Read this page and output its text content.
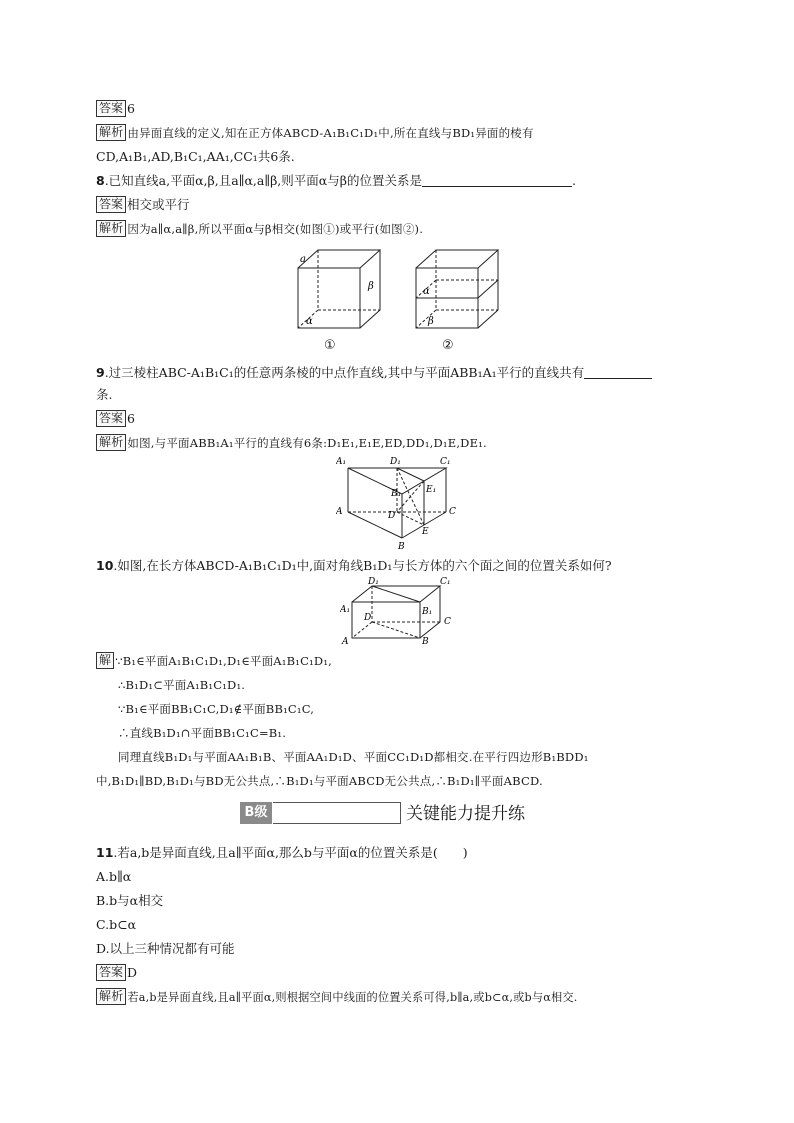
答案 6
解析 由异面直线的定义,知在正方体ABCD-A₁B₁C₁D₁中,所在直线与BD₁异面的棱有
CD,A₁B₁,AD,B₁C₁,AA₁,CC₁共6条.
8.已知直线a,平面α,β,且a∥α,a∥β,则平面α与β的位置关系是	.
答案 相交或平行
解析 因为a∥α,a∥β,所以平面α与β相交(如图①)或平行(如图②).
a
β
α
①
α
β
②
9.过三棱柱ABC-A₁B₁C₁的任意两条棱的中点作直线,其中与平面ABB₁A₁平行的直线共有
条.
答案 6
解析 如图,与平面ABB₁A₁平行的直线有6条:D₁E₁,E₁E,ED,DD₁,D₁E,DE₁.
A₁	D₁	C₁
B₁	E₁
A	D	C
B
E
10.如图,在长方体ABCD-A₁B₁C₁D₁中,面对角线B₁D₁与长方体的六个面之间的位置关系如何?
D₁	C₁
A₁	B₁
D	C
A	B
解 ∵B₁∈平面A₁B₁C₁D₁,D₁∈平面A₁B₁C₁D₁,
∴B₁D₁⊂平面A₁B₁C₁D₁.
∵B₁∈平面BB₁C₁C,D₁∉平面BB₁C₁C,
∴直线B₁D₁∩平面BB₁C₁C=B₁.
同理直线B₁D₁与平面AA₁B₁B、平面AA₁D₁D、平面CC₁D₁D都相交.在平行四边形B₁BDD₁
中,B₁D₁∥BD,B₁D₁与BD无公共点,∴B₁D₁与平面ABCD无公共点,∴B₁D₁∥平面ABCD.
B级	关键能力提升练
11.若a,b是异面直线,且a∥平面α,那么b与平面α的位置关系是(　　)
A.b∥α
B.b与α相交
C.b⊂α
D.以上三种情况都有可能
答案 D
解析 若a,b是异面直线,且a∥平面α,则根据空间中线面的位置关系可得,b∥a,或b⊂α,或b与α相交.
